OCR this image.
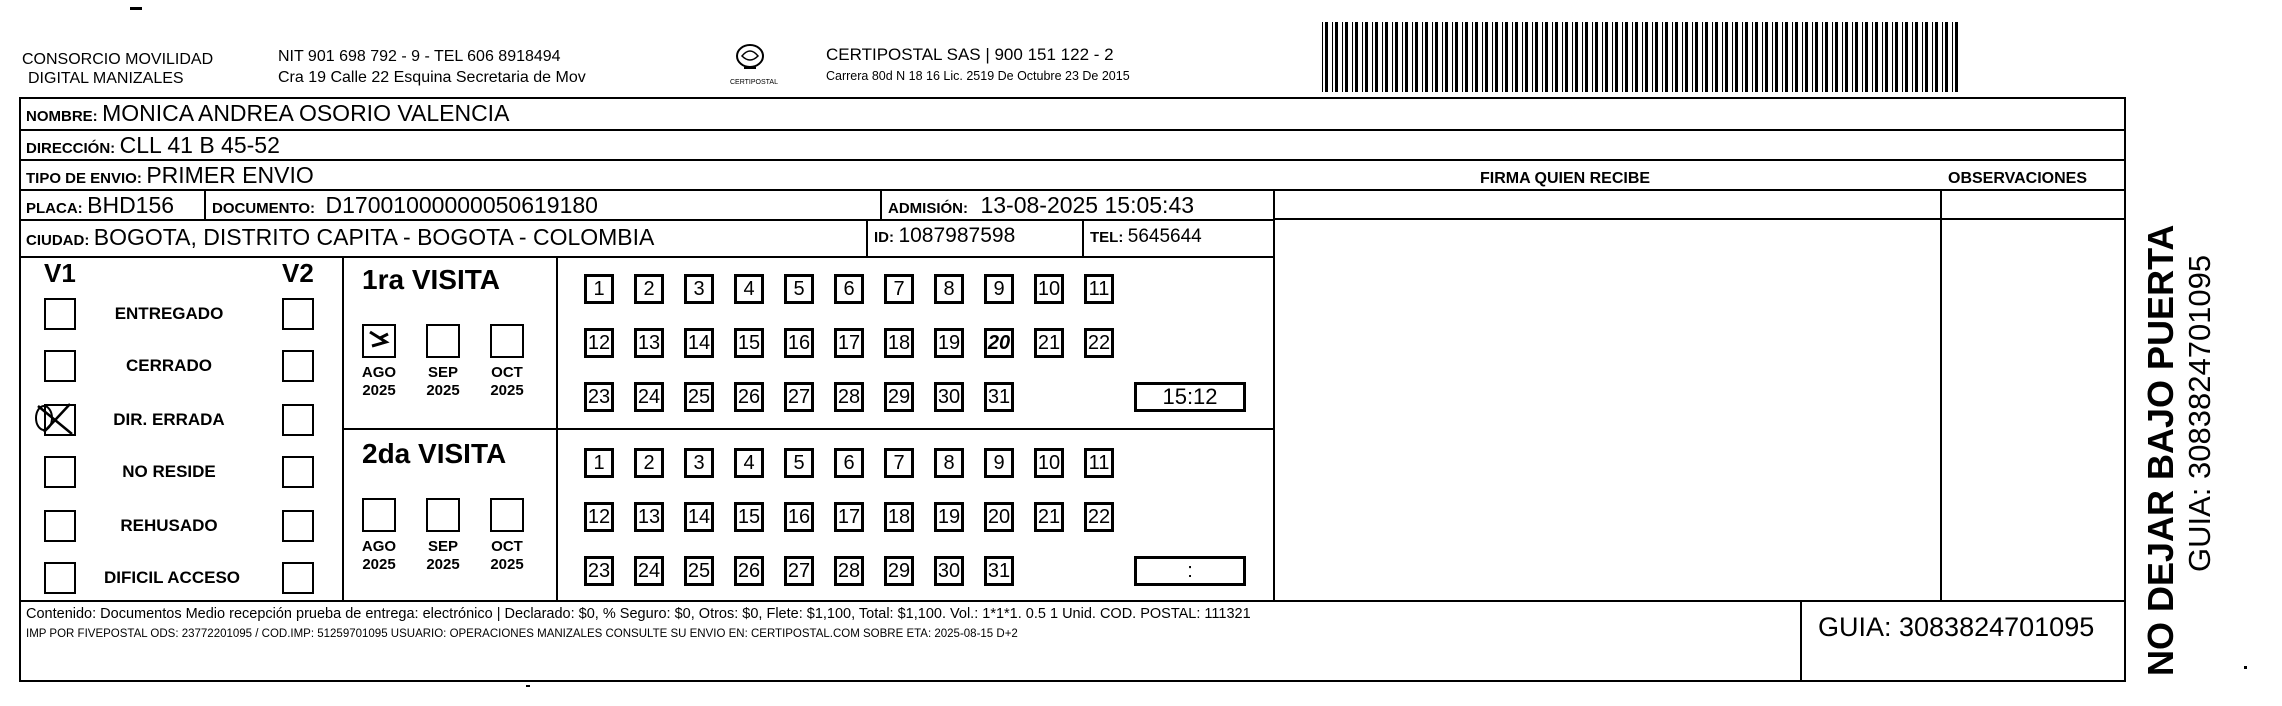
CONSORCIO MOVILIDAD
DIGITAL MANIZALES
NIT 901 698 792 - 9 - TEL 606 8918494
Cra 19 Calle 22 Esquina Secretaria de Mov	CERTIPOSTAL
CERTIPOSTAL SAS | 900 151 122 - 2
Carrera 80d N 18 16 Lic. 2519 De Octubre 23 De 2015
NOMBRE: MONICA ANDREA OSORIO VALENCIA
DIRECCIÓN: CLL 41 B 45-52
TIPO DE ENVIO: PRIMER ENVIO	FIRMA QUIEN RECIBE	OBSERVACIONES
PLACA: BHD156	DOCUMENTO: D17001000000050619180	ADMISIÓN: 13-08-2025 15:05:43
CIUDAD: BOGOTA, DISTRITO CAPITA - BOGOTA - COLOMBIA	ID: 1087987598	TEL: 5645644
V1	V2
ENTREGADO
CERRADO
DIR. ERRADA
NO RESIDE
REHUSADO
DIFICIL ACCESO
1ra VISITA
AGO
2025
SEP
2025
OCT
2025
1	2	3	4	5	6	7	8	9	10 11
12 13 14 15 16 17 18 19 20 21 22
23 24 25 26 27 28 29 30 31	15:12
2da VISITA
AGO
2025
SEP
2025
OCT
2025
1	2	3	4	5	6	7	8	9	10 11
12 13 14 15 16 17 18 19 20 21 22
23 24 25 26 27 28 29 30 31	:
Contenido: Documentos Medio recepción prueba de entrega: electrónico | Declarado: $0, % Seguro: $0, Otros: $0, Flete: $1,100, Total: $1,100. Vol.: 1*1*1. 0.5 1 Unid. COD. POSTAL: 111321
IMP POR FIVEPOSTAL ODS: 23772201095 / COD.IMP: 51259701095 USUARIO: OPERACIONES MANIZALES CONSULTE SU ENVIO EN: CERTIPOSTAL.COM SOBRE ETA: 2025-08-15 D+2	GUIA: 3083824701095 NO DEJAR BAJO PUERTA GUIA: 3083824701095
